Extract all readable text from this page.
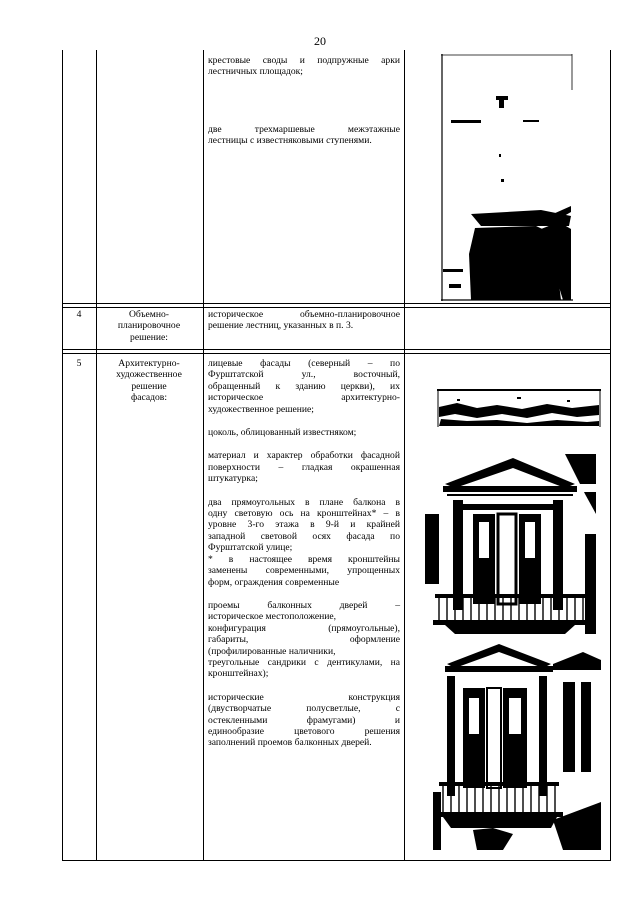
20
крестовые своды и подпружные арки
лестничных площадок;
две трехмаршевые межэтажные
лестницы с известняковыми ступенями.
4	Объемно-
планировочное
решение:
историческое объемно-планировочное
решение лестниц, указанных в п. 3.
5	Архитектурно-
художественное
решение
фасадов:
лицевые фасады (северный – по
Фурштатской ул., восточный,
обращенный к зданию церкви), их
историческое архитектурно-
художественное решение;
цоколь, облицованный известняком;
материал и характер обработки фасадной
поверхности – гладкая окрашенная
штукатурка;
два прямоугольных в плане балкона в
одну световую ось на кронштейнах* – в
уровне 3-го этажа в 9-й и крайней
западной световой осях фасада по
Фурштатской улице;
* в настоящее время кронштейны
заменены современными, упрощенных
форм, ограждения современные
проемы балконных дверей –
историческое местоположение,
конфигурация (прямоугольные),
габариты, оформление
(профилированные наличники,
треугольные сандрики с дентикулами, на
кронштейнах);
исторические конструкция
(двустворчатые полусветлые, с
остекленными фрамугами) и
единообразие цветового решения
заполнений проемов балконных дверей.
